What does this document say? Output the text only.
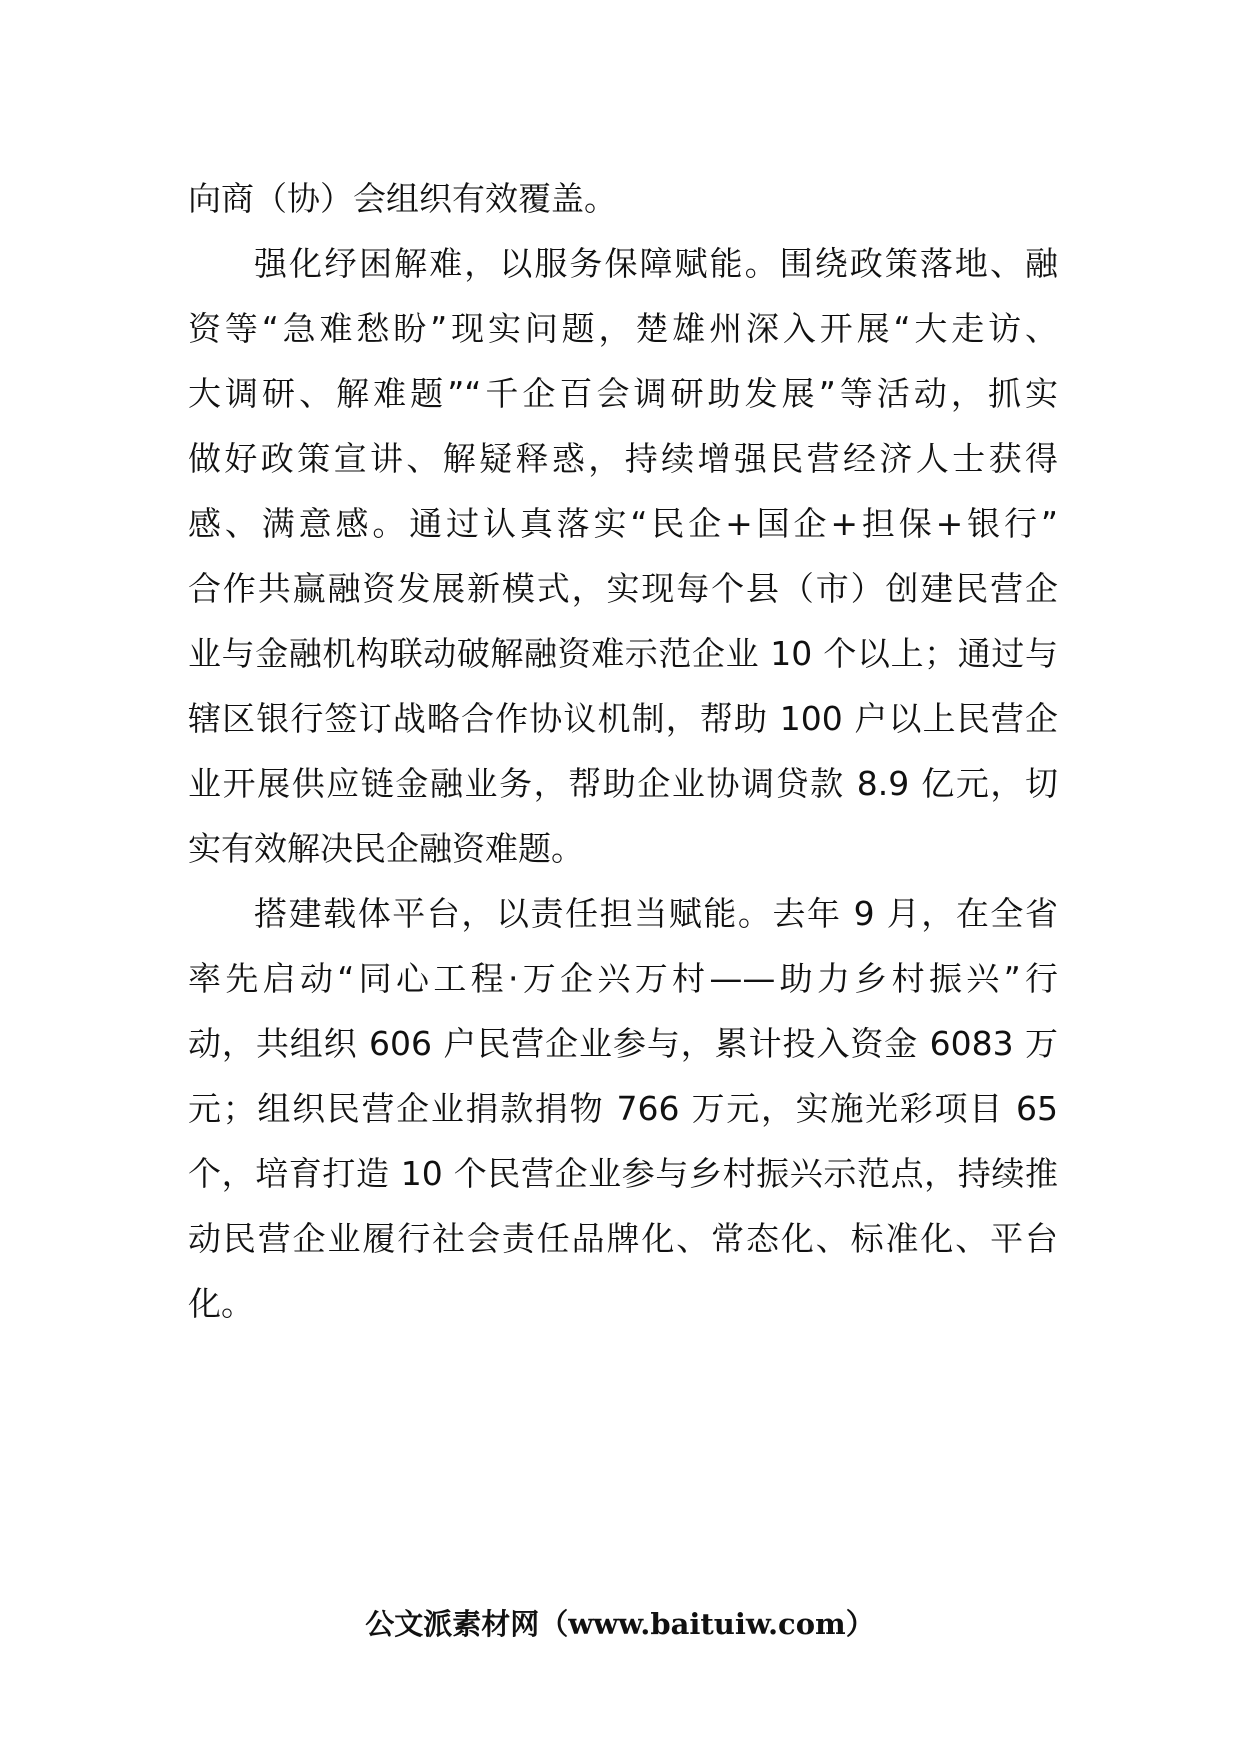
向商（协）会组织有效覆盖。
强化纾困解难，以服务保障赋能。围绕政策落地、融
资等“急难愁盼”现实问题，楚雄州深入开展“大走访、
大调研、解难题”“千企百会调研助发展”等活动，抓实
做好政策宣讲、解疑释惑，持续增强民营经济人士获得
感、满意感。通过认真落实“民企+国企+担保+银行”
合作共赢融资发展新模式，实现每个县（市）创建民营企
业与金融机构联动破解融资难示范企业 10 个以上；通过与
辖区银行签订战略合作协议机制，帮助 100 户以上民营企
业开展供应链金融业务，帮助企业协调贷款 8.9 亿元，切
实有效解决民企融资难题。
搭建载体平台，以责任担当赋能。去年 9 月，在全省
率先启动“同心工程·万企兴万村——助力乡村振兴”行
动，共组织 606 户民营企业参与，累计投入资金 6083 万
元；组织民营企业捐款捐物 766 万元，实施光彩项目 65
个，培育打造 10 个民营企业参与乡村振兴示范点，持续推
动民营企业履行社会责任品牌化、常态化、标准化、平台
化。
公文派素材网（www.baituiw.com）
